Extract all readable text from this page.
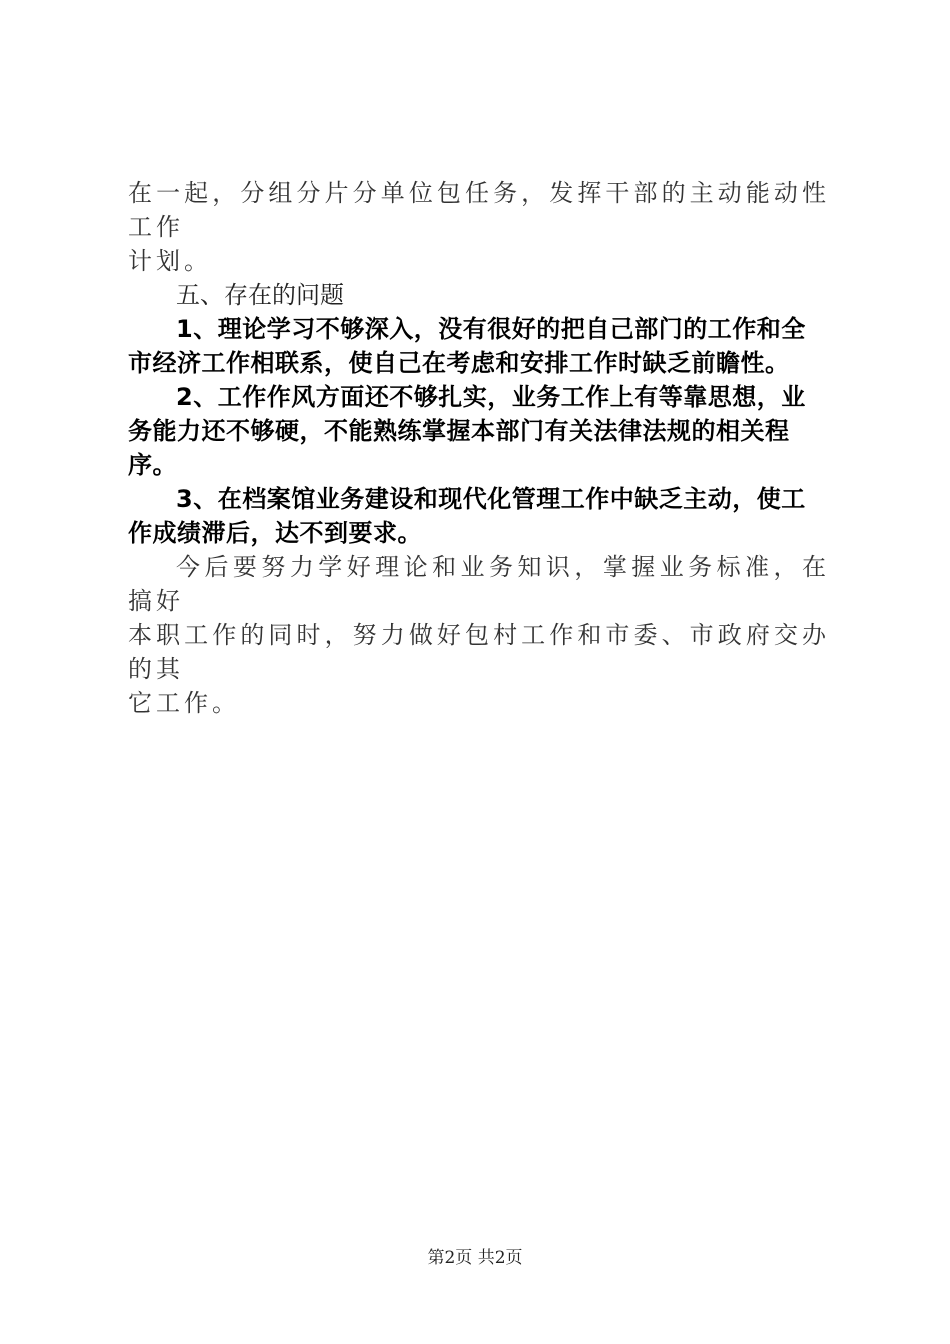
在一起，分组分片分单位包任务，发挥干部的主动能动性工作
计划。

五、存在的问题

1、理论学习不够深入，没有很好的把自己部门的工作和全
市经济工作相联系，使自己在考虑和安排工作时缺乏前瞻性。

2、工作作风方面还不够扎实，业务工作上有等靠思想，业
务能力还不够硬，不能熟练掌握本部门有关法律法规的相关程
序。

3、在档案馆业务建设和现代化管理工作中缺乏主动，使工
作成绩滞后，达不到要求。

今后要努力学好理论和业务知识，掌握业务标准，在搞好
本职工作的同时，努力做好包村工作和市委、市政府交办的其
它工作。

第2页 共2页
